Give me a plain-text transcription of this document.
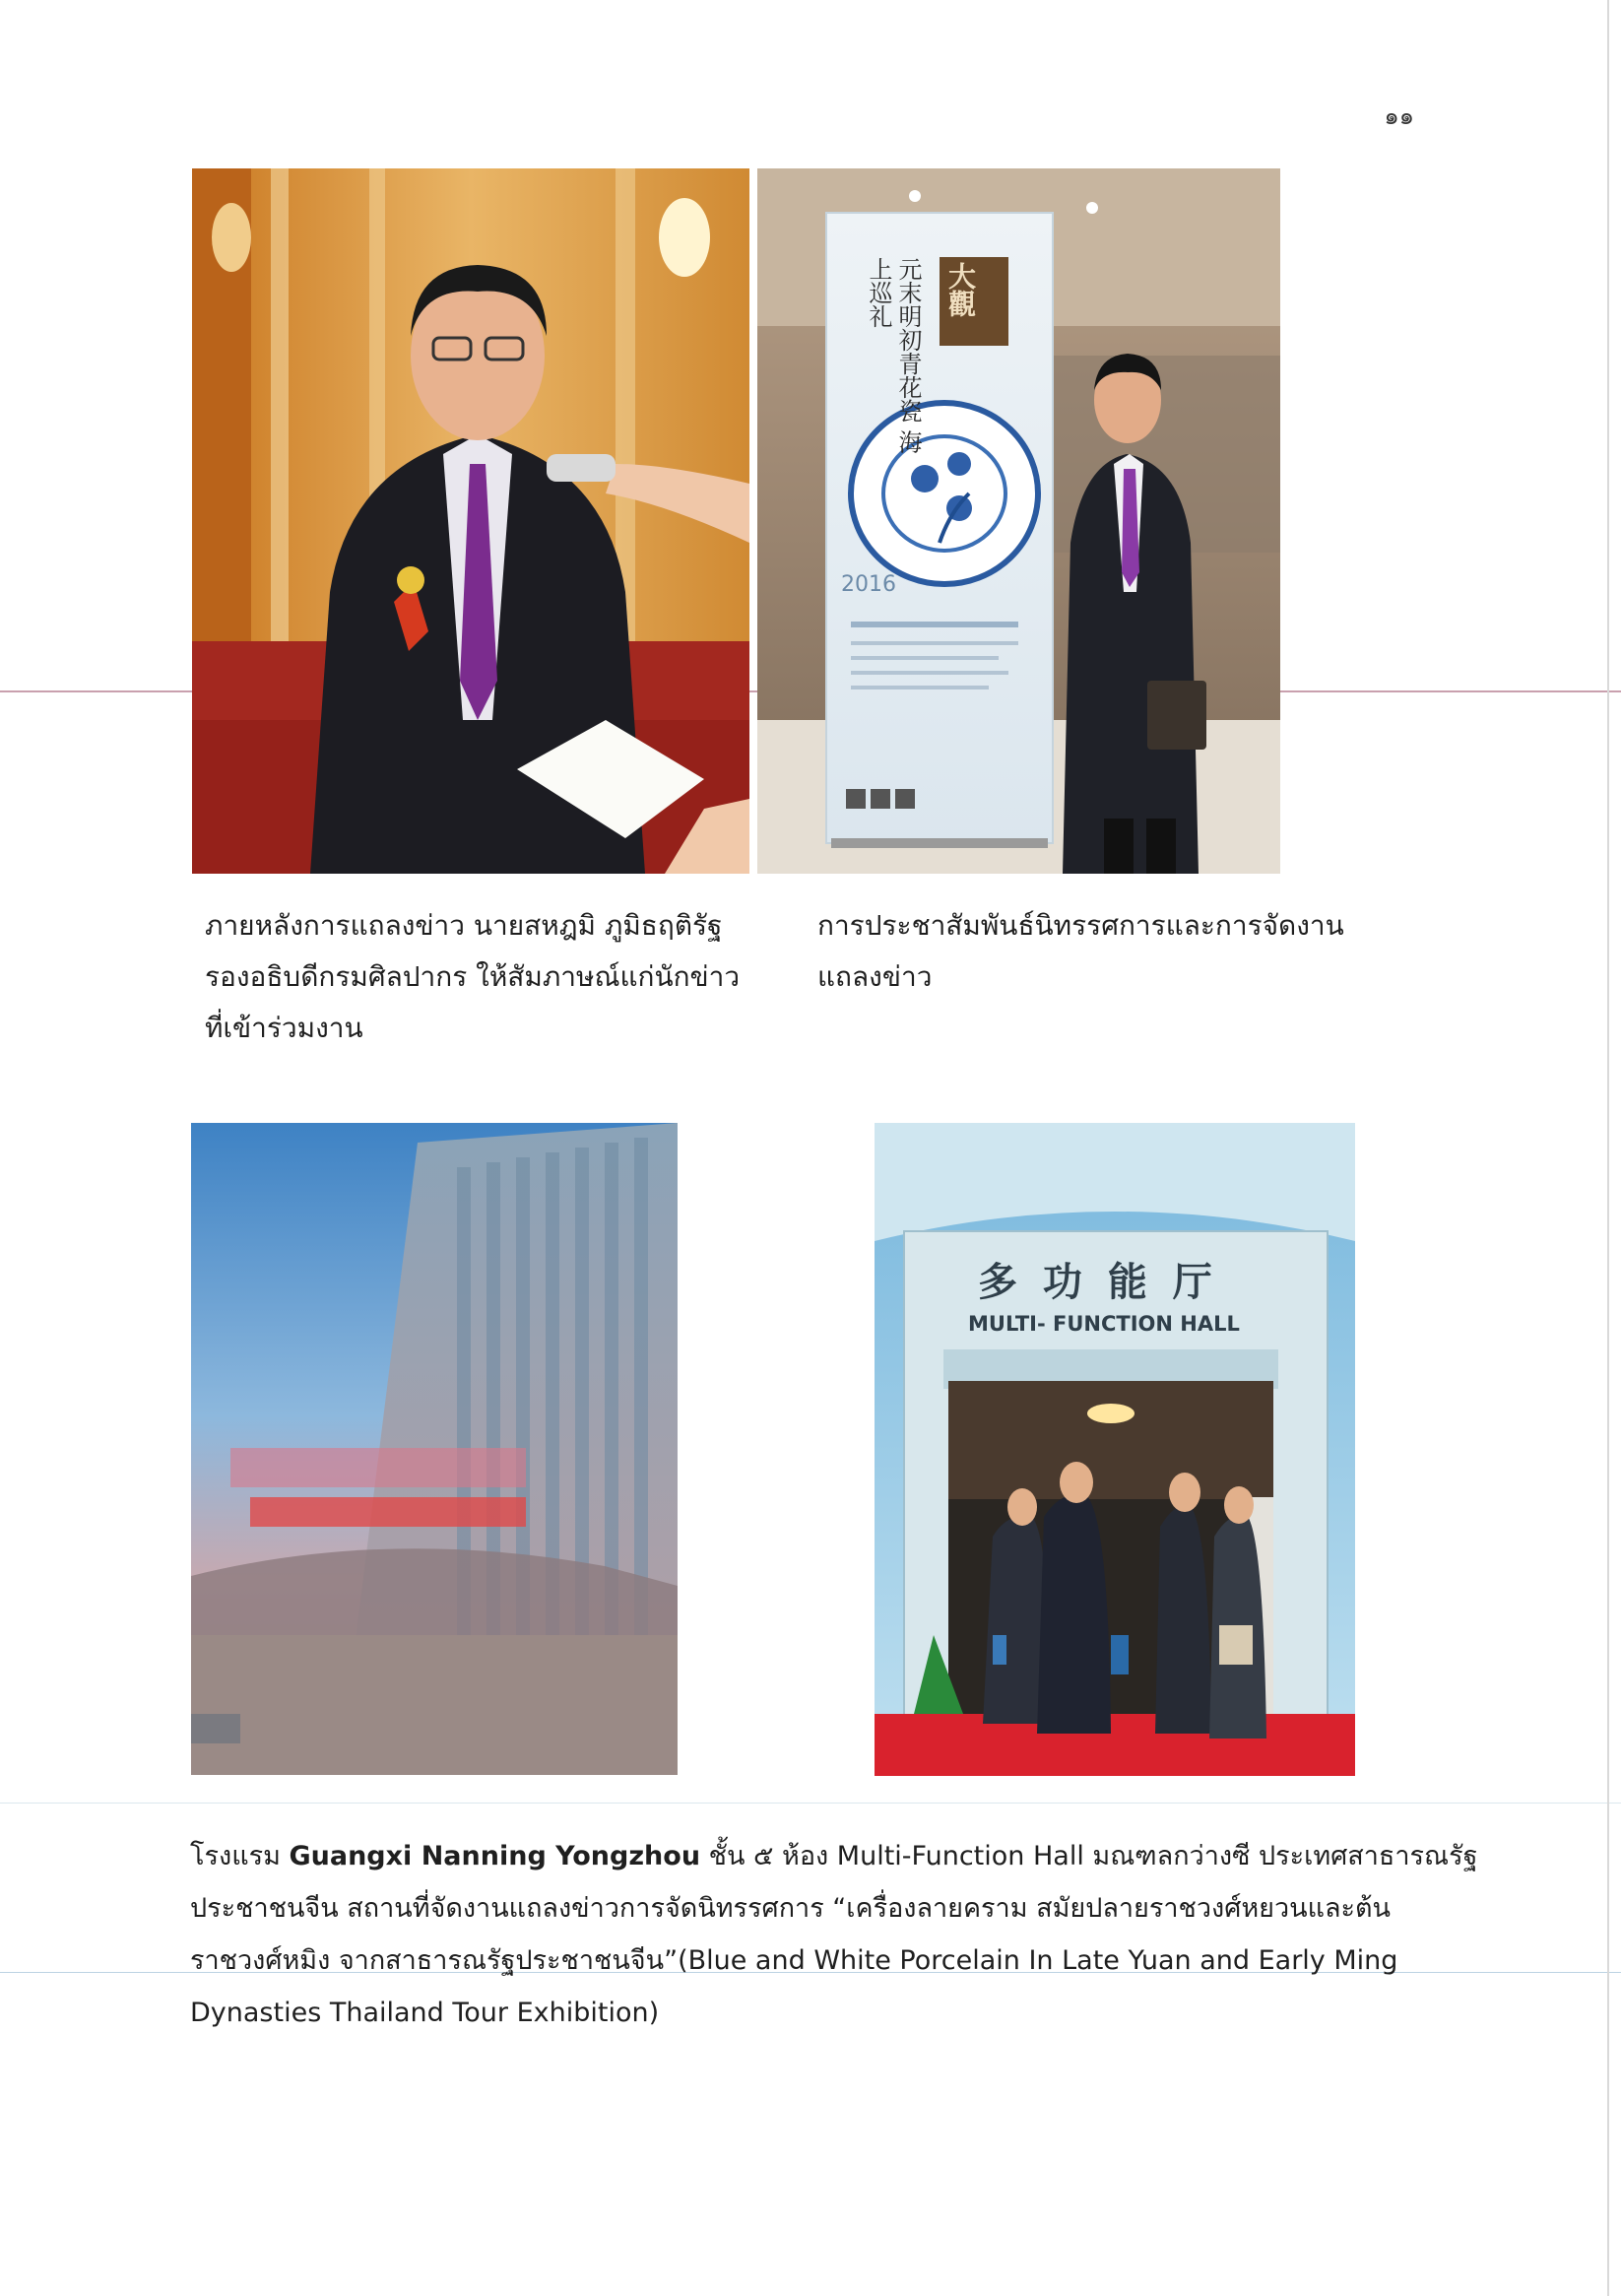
๑๑
大觀
元末明初青花瓷 海上巡礼
2016
多 功 能 厅
MULTI- FUNCTION HALL

ภายหลังการแถลงข่าว นายสหฎมิ ภูมิธฤติรัฐ

รองอธิบดีกรมศิลปากร ให้สัมภาษณ์แก่นักข่าว

ที่เข้าร่วมงาน

การประชาสัมพันธ์นิทรรศการและการจัดงาน

แถลงข่าว

โรงแรม Guangxi Nanning Yongzhou ชั้น ๕ ห้อง Multi-Function Hall มณฑลกว่างซี ประเทศสาธารณรัฐ

ประชาชนจีน สถานที่จัดงานแถลงข่าวการจัดนิทรรศการ “เครื่องลายคราม สมัยปลายราชวงศ์หยวนและต้น

ราชวงศ์หมิง จากสาธารณรัฐประชาชนจีน”(Blue and White Porcelain In Late Yuan and Early Ming

Dynasties Thailand Tour Exhibition)
